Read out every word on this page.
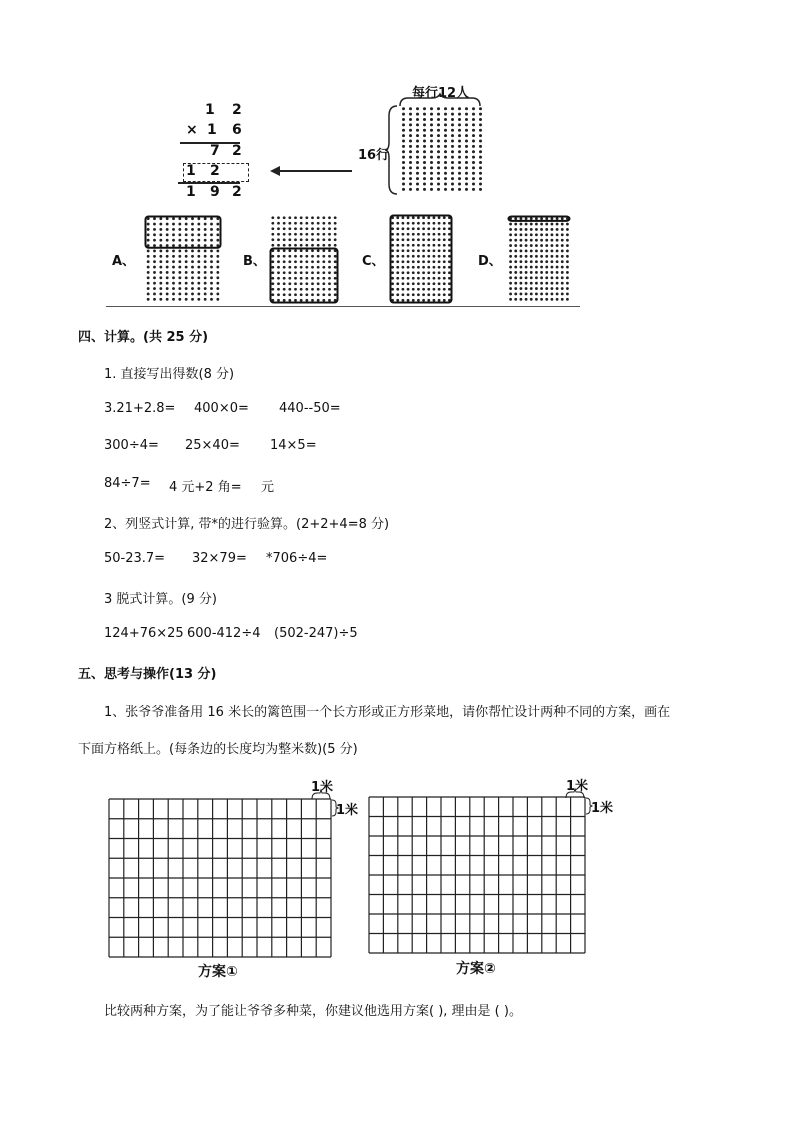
1 2
× 1 6
7 2
1 2
1 9 2
每行12人
16行
A、	B、	C、	D、
四、计算。(共 25 分)
1. 直接写出得数(8 分)
3.21+2.8= 400×0= 440--50=
300÷4= 25×40= 14×5=
84÷7= 4 元+2 角= 元
2、列竖式计算, 带*的进行验算。(2+2+4=8 分)
50-23.7= 32×79= *706÷4=
3 脱式计算。(9 分)
124+76×25 600-412÷4 (502-247)÷5
五、思考与操作(13 分)
1、张爷爷准备用 16 米长的篱笆围一个长方形或正方形菜地，请你帮忙设计两种不同的方案，画在
下面方格纸上。(每条边的长度均为整米数)(5 分)
1米
1米
方案①
1米
1米
方案②
比较两种方案，为了能让爷爷多种菜，你建议他选用方案( ), 理由是 ( )。
